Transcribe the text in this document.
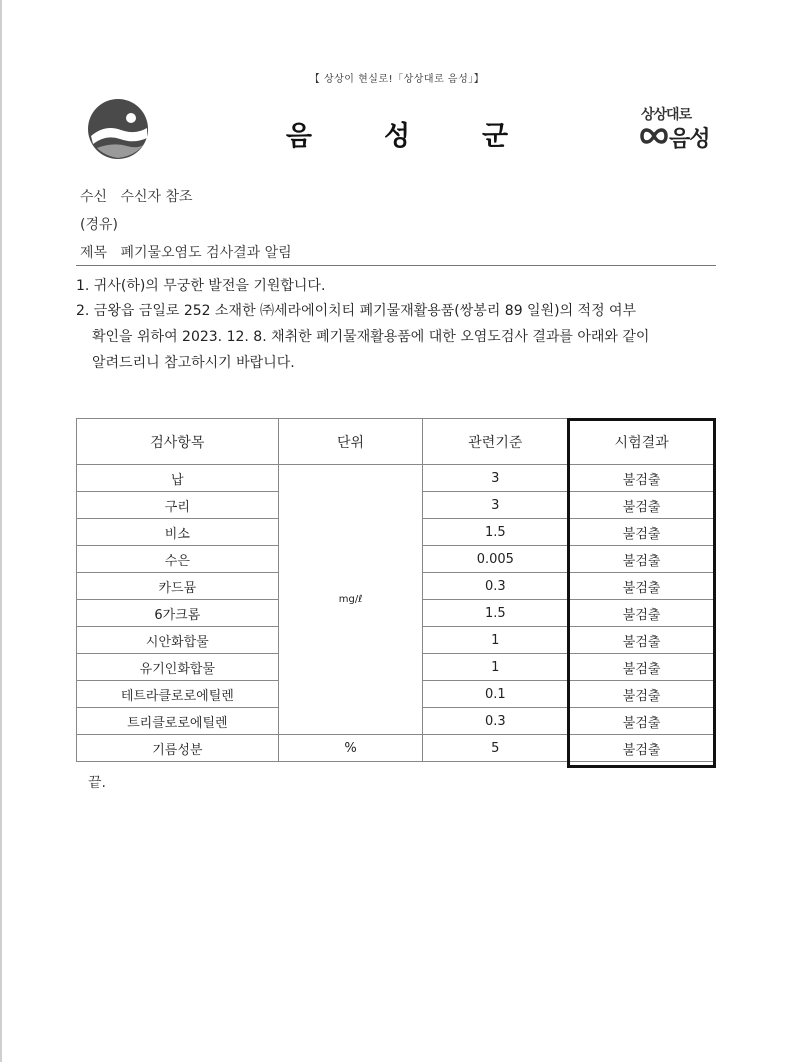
【 상상이 현실로!「상상대로 음성」】
음성군
상상대로
음성
수신 수신자 참조
(경유)
제목 폐기물오염도 검사결과 알림
1. 귀사(하)의 무궁한 발전을 기원합니다.
2. 금왕읍 금일로 252 소재한 ㈜세라에이치티 폐기물재활용품(쌍봉리 89 일원)의 적정 여부
확인을 위하여 2023. 12. 8. 채취한 폐기물재활용품에 대한 오염도검사 결과를 아래와 같이
알려드리니 참고하시기 바랍니다.
검사항목	단위	관련기준	시험결과
납	mg/ℓ	3	불검출
구리		3	불검출
비소		1.5	불검출
수은		0.005	불검출
카드뮴		0.3	불검출
6가크롬		1.5	불검출
시안화합물		1	불검출
유기인화합물		1	불검출
테트라클로로에틸렌		0.1	불검출
트리클로로에틸렌		0.3	불검출
기름성분	%	5	불검출
끝.
